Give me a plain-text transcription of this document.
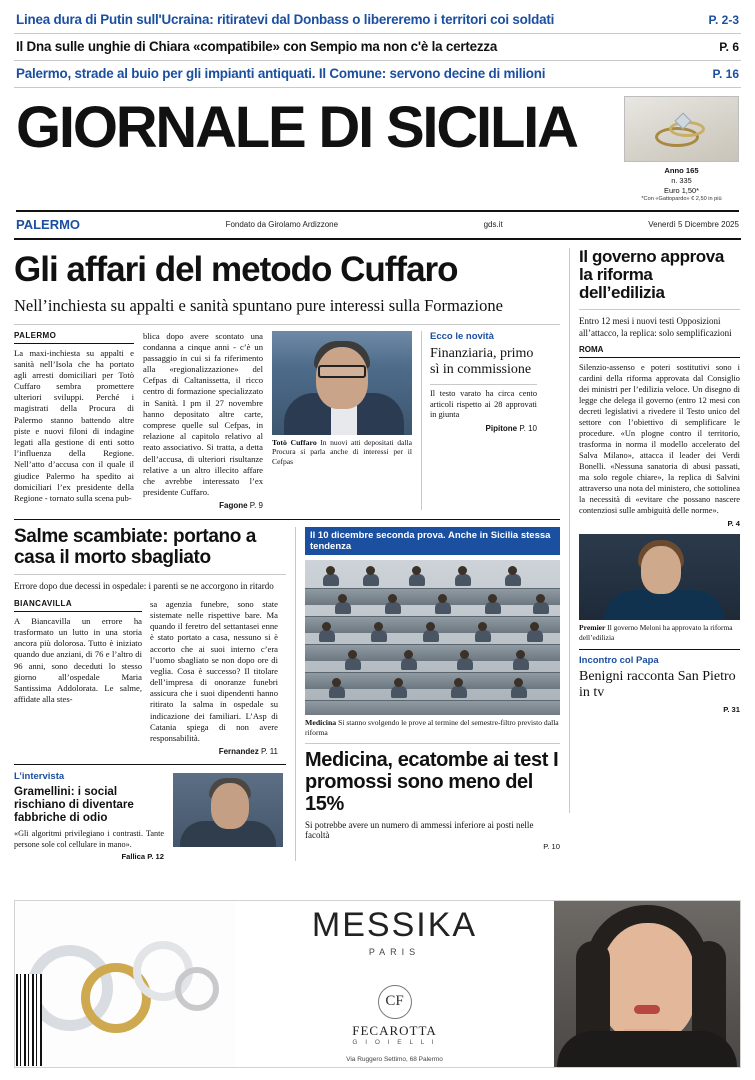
Linea dura di Putin sull'Ucraina: ritiratevi dal Donbass o libereremo i territori coi soldati	P. 2-3
Il Dna sulle unghie di Chiara «compatibile» con Sempio ma non c'è la certezza	P. 6
Palermo, strade al buio per gli impianti antiquati. Il Comune: servono decine di milioni	P. 16
GIORNALE DI SICILIA
Anno 165
n. 335
Euro 1,50*
*Con «Gattopardo» € 2,50 in più
PALERMO	Fondato da Girolamo Ardizzone	gds.it	Venerdì 5 Dicembre 2025
Gli affari del metodo Cuffaro
Nell’inchiesta su appalti e sanità spuntano pure interessi sulla Formazione
PALERMO
La maxi-inchiesta su appalti e sanità nell’Isola che ha portato agli arresti domiciliari per Totò Cuffaro sembra promettere ulteriori sviluppi. Perché i magistrati della Procura di Palermo stanno battendo altre piste e nuovi filoni di indagine legati alla gestione di enti sotto l’influenza della Regione. Nell’atto d’accusa con il quale il giudice Palermo ha spedito ai domiciliari l’ex presidente della Regione - tornato sulla scena pub-
blica dopo avere scontato una condanna a cinque anni - c’è un passaggio in cui si fa riferimento alla «regionalizzazione» del Cefpas di Caltanissetta, il ricco centro di formazione specializzato in Sanità. I pm il 27 novembre hanno depositato altre carte, comprese quelle sul Cefpas, in relazione al capitolo relativo al reato associativo. Si tratta, a detta dell’accusa, di ulteriori risultanze relative a un altro illecito affare che avrebbe interessato l’ex presidente Cuffaro.
Fagone P. 9
Totò Cuffaro In nuovi atti depositati dalla Procura si parla anche di interessi per il Cefpas
Ecco le novità
Finanziaria, primo sì in commissione
Il testo varato ha circa cento articoli rispetto ai 28 approvati in giunta
Pipitone P. 10
Salme scambiate: portano a casa il morto sbagliato
Errore dopo due decessi in ospedale: i parenti se ne accorgono in ritardo
BIANCAVILLA
A Biancavilla un errore ha trasformato un lutto in una storia ancora più dolorosa. Tutto è iniziato quando due anziani, di 76 e l’altro di 96 anni, sono deceduti lo stesso giorno all’ospedale Maria Santissima Addolorata. Le salme, affidate alla stes-
sa agenzia funebre, sono state sistemate nelle rispettive bare. Ma quando il feretro del settantasei enne è stato portato a casa, nessuno si è accorto che ai suoi interno c’era l’uomo sbagliato se non dopo ore di veglia. Cosa è successo? Il titolare dell’impresa di onoranze funebri assicura che i suoi dipendenti hanno ritirato la salma in ospedale su indicazione dei familiari. L’Asp di Catania spiega di non avere responsabilità.
Fernandez P. 11
L’intervista
Gramellini: i social rischiano di diventare fabbriche di odio
«Gli algoritmi privilegiano i contrasti. Tante persone sole col cellulare in mano».
Fallica P. 12
Il 10 dicembre seconda prova. Anche in Sicilia stessa tendenza
Medicina Si stanno svolgendo le prove al termine del semestre-filtro previsto dalla riforma
Medicina, ecatombe ai test I promossi sono meno del 15%
Si potrebbe avere un numero di ammessi inferiore ai posti nelle facoltà
P. 10
Il governo approva la riforma dell’edilizia
Entro 12 mesi i nuovi testi Opposizioni all’attacco, la replica: solo semplificazioni
ROMA
Silenzio-assenso e poteri sostitutivi sono i cardini della riforma approvata dal Consiglio dei ministri per l’edilizia veloce. Un disegno di legge che delega il governo (entro 12 mesi con decreti legislativi a rivedere il Testo unico del settore con l’obiettivo di semplificare le procedure. «Un plogne contro il territorio, trasforma in norma il modello accelerato del Salva Milano», attacca il leader dei Verdi Bonelli. «Nessuna sanatoria di abusi passati, ma solo regole chiare», la replica di Salvini attraverso una nota del ministero, che sottolinea la necessità di «evitare che possano nascere contenziosi sulle ambiguità delle norme».
P. 4
Premier Il governo Meloni ha approvato la riforma dell’edilizia
Incontro col Papa
Benigni racconta San Pietro in tv
P. 31
MESSIKA
PARIS
CF
FECAROTTA
G I O I E L L I
Via Ruggero Settimo, 68 Palermo
